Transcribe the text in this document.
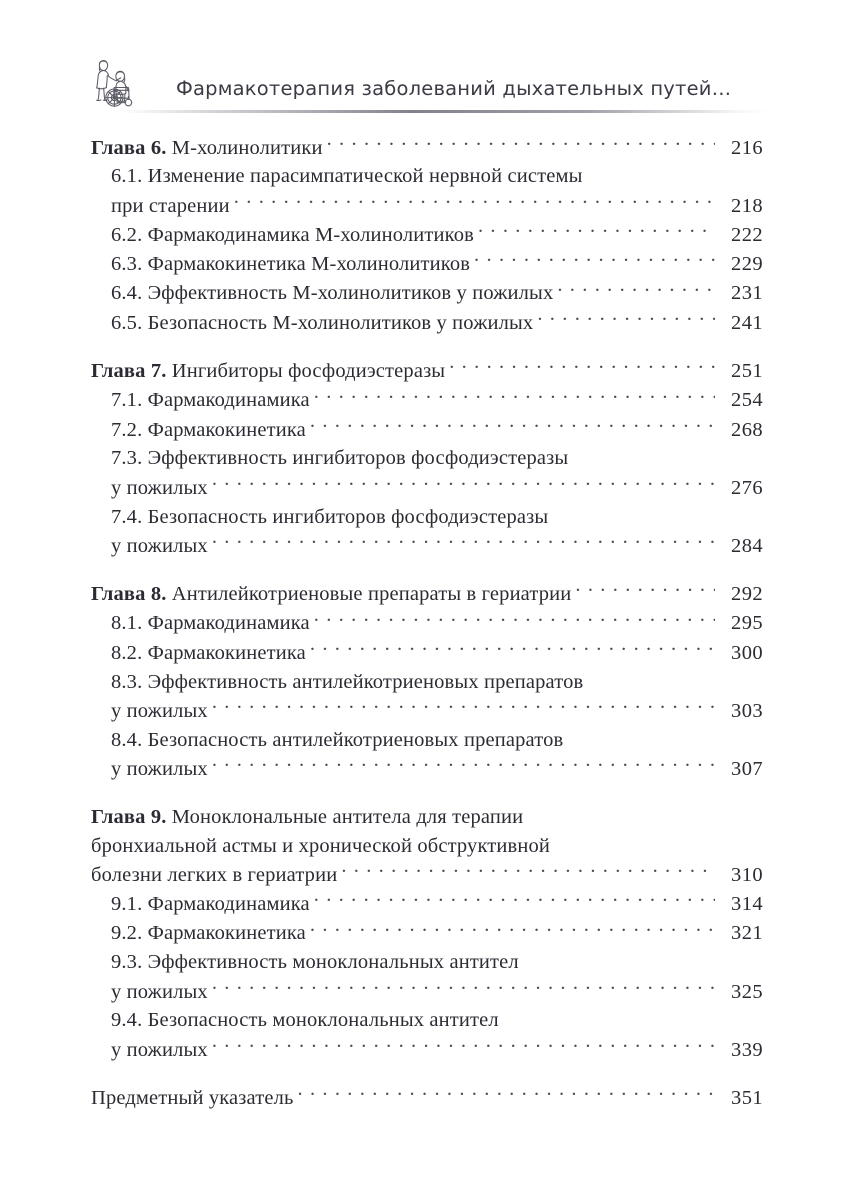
Фармакотерапия заболеваний дыхательных путей…
Глава 6. М-холинолитики . . .	216
6.1. Изменение парасимпатической нервной системы
при старении . . .	218
6.2. Фармакодинамика М-холинолитиков . . .	222
6.3. Фармакокинетика М-холинолитиков . . .	229
6.4. Эффективность М-холинолитиков у пожилых . . .	231
6.5. Безопасность М-холинолитиков у пожилых . . .	241
Глава 7. Ингибиторы фосфодиэстеразы . . .	251
7.1. Фармакодинамика . . .	254
7.2. Фармакокинетика . . .	268
7.3. Эффективность ингибиторов фосфодиэстеразы
у пожилых . . .	276
7.4. Безопасность ингибиторов фосфодиэстеразы
у пожилых . . .	284
Глава 8. Антилейкотриеновые препараты в гериатрии . . .	292
8.1. Фармакодинамика . . .	295
8.2. Фармакокинетика . . .	300
8.3. Эффективность антилейкотриеновых препаратов
у пожилых . . .	303
8.4. Безопасность антилейкотриеновых препаратов
у пожилых . . .	307
Глава 9. Моноклональные антитела для терапии
бронхиальной астмы и хронической обструктивной
болезни легких в гериатрии . . .	310
9.1. Фармакодинамика . . .	314
9.2. Фармакокинетика . . .	321
9.3. Эффективность моноклональных антител
у пожилых . . .	325
9.4. Безопасность моноклональных антител
у пожилых . . .	339
Предметный указатель . . .	351
